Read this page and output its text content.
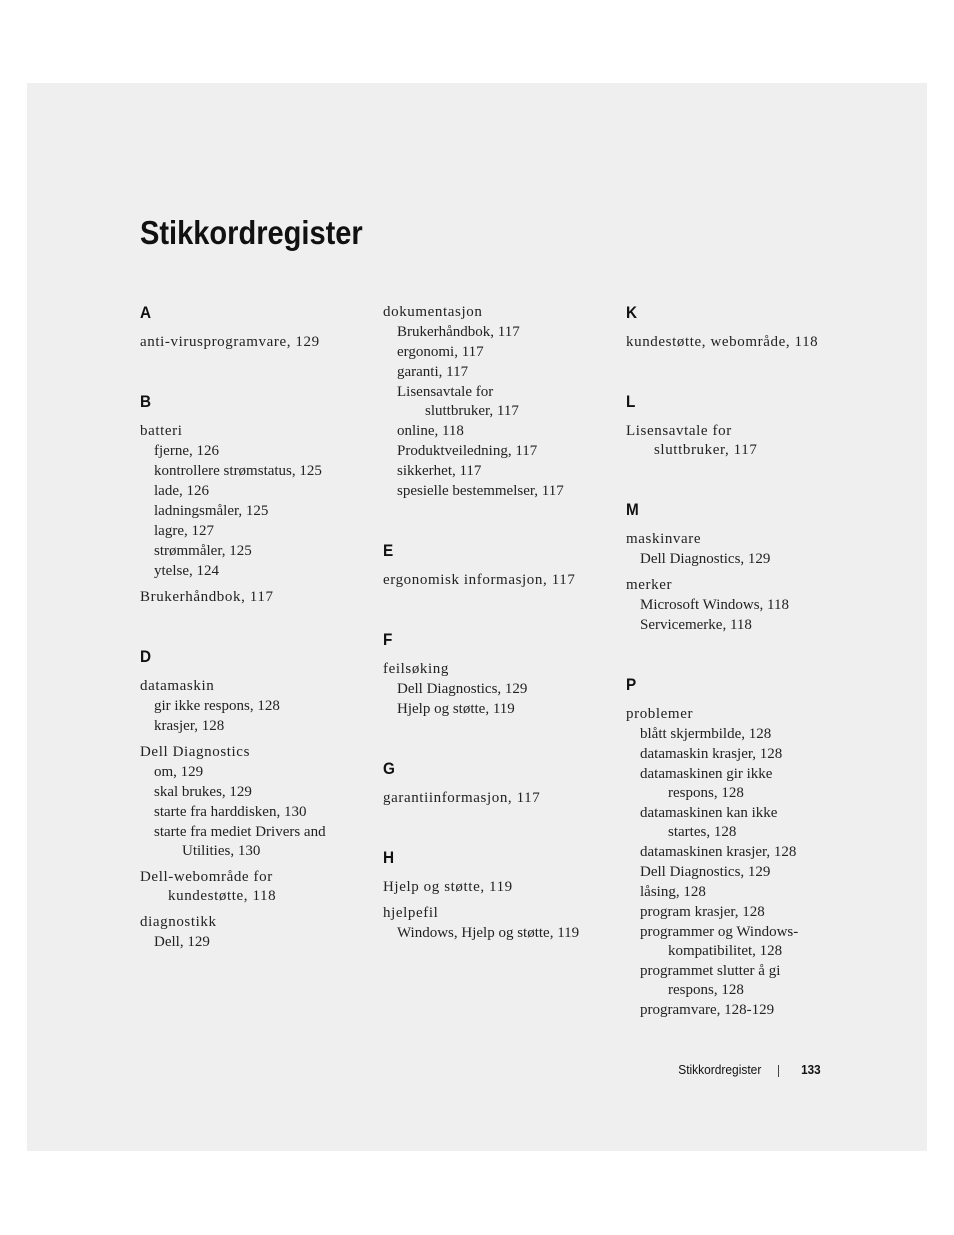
Stikkordregister
A
anti-virusprogramvare, 129
B
batteri
fjerne, 126
kontrollere strømstatus, 125
lade, 126
ladningsmåler, 125
lagre, 127
strømmåler, 125
ytelse, 124
Brukerhåndbok, 117
D
datamaskin
gir ikke respons, 128
krasjer, 128
Dell Diagnostics
om, 129
skal brukes, 129
starte fra harddisken, 130
starte fra mediet Drivers and
Utilities, 130
Dell-webområde for
kundestøtte, 118
diagnostikk
Dell, 129
dokumentasjon
Brukerhåndbok, 117
ergonomi, 117
garanti, 117
Lisensavtale for
sluttbruker, 117
online, 118
Produktveiledning, 117
sikkerhet, 117
spesielle bestemmelser, 117
E
ergonomisk informasjon, 117
F
feilsøking
Dell Diagnostics, 129
Hjelp og støtte, 119
G
garantiinformasjon, 117
H
Hjelp og støtte, 119
hjelpefil
Windows, Hjelp og støtte, 119
K
kundestøtte, webområde, 118
L
Lisensavtale for
sluttbruker, 117
M
maskinvare
Dell Diagnostics, 129
merker
Microsoft Windows, 118
Servicemerke, 118
P
problemer
blått skjermbilde, 128
datamaskin krasjer, 128
datamaskinen gir ikke
respons, 128
datamaskinen kan ikke
startes, 128
datamaskinen krasjer, 128
Dell Diagnostics, 129
låsing, 128
program krasjer, 128
programmer og Windows-
kompatibilitet, 128
programmet slutter å gi
respons, 128
programvare, 128-129
Stikkordregister	133
